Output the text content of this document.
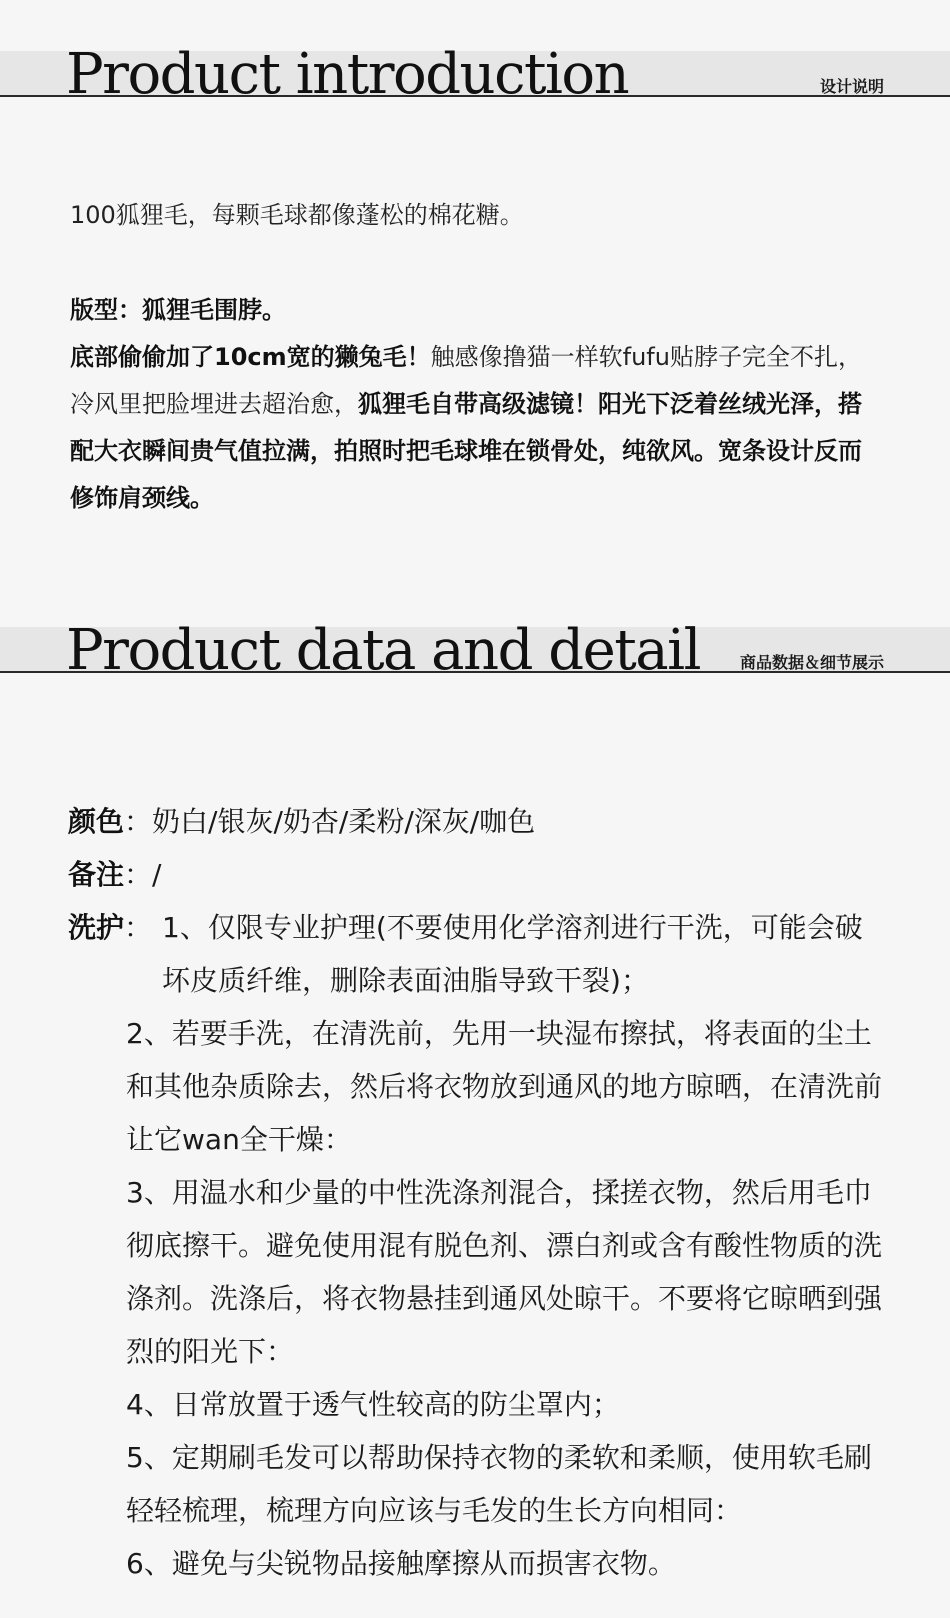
Product introduction	设计说明
100狐狸毛，每颗毛球都像蓬松的棉花糖。

版型：狐狸毛围脖。

底部偷偷加了10cm宽的獭兔毛！触感像撸猫一样软fufu贴脖子完全不扎，冷风里把脸埋进去超治愈，狐狸毛自带高级滤镜！阳光下泛着丝绒光泽，搭配大衣瞬间贵气值拉满，拍照时把毛球堆在锁骨处，纯欲风。宽条设计反而修饰肩颈线。

Product data and detail	商品数据＆细节展示

颜色：奶白/银灰/奶杏/柔粉/深灰/咖色

备注：/

洗护： 1、仅限专业护理(不要使用化学溶剂进行干洗，可能会破坏皮质纤维，删除表面油脂导致干裂)；

2、若要手洗，在清洗前，先用一块湿布擦拭，将表面的尘土和其他杂质除去，然后将衣物放到通风的地方晾晒，在清洗前让它wan全干燥：

3、用温水和少量的中性洗涤剂混合，揉搓衣物，然后用毛巾彻底擦干。避免使用混有脱色剂、漂白剂或含有酸性物质的洗涤剂。洗涤后，将衣物悬挂到通风处晾干。不要将它晾晒到强烈的阳光下：

4、日常放置于透气性较高的防尘罩内；

5、定期刷毛发可以帮助保持衣物的柔软和柔顺，使用软毛刷轻轻梳理，梳理方向应该与毛发的生长方向相同：

6、避免与尖锐物品接触摩擦从而损害衣物。
